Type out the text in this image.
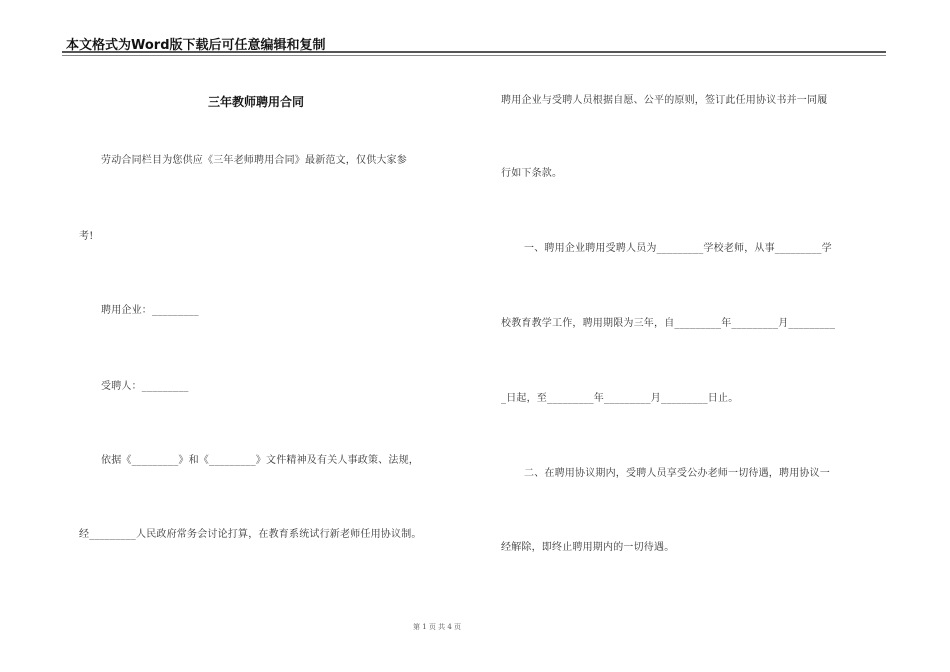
本文格式为Word版下载后可任意编辑和复制
三年教师聘用合同
劳动合同栏目为您供应《三年老师聘用合同》最新范文，仅供大家参
考!
聘用企业：_________
受聘人：_________
依据《_________》和《_________》文件精神及有关人事政策、法规，
经_________人民政府常务会讨论打算，在教育系统试行新老师任用协议制。
聘用企业与受聘人员根据自愿、公平的原则，签订此任用协议书并一同履
行如下条款。
一、聘用企业聘用受聘人员为_________学校老师，从事_________学
校教育教学工作，聘用期限为三年，自_________年_________月_________
_日起，至_________年_________月_________日止。
二、在聘用协议期内，受聘人员享受公办老师一切待遇，聘用协议一
经解除，即终止聘用期内的一切待遇。
第 1 页 共 4 页
